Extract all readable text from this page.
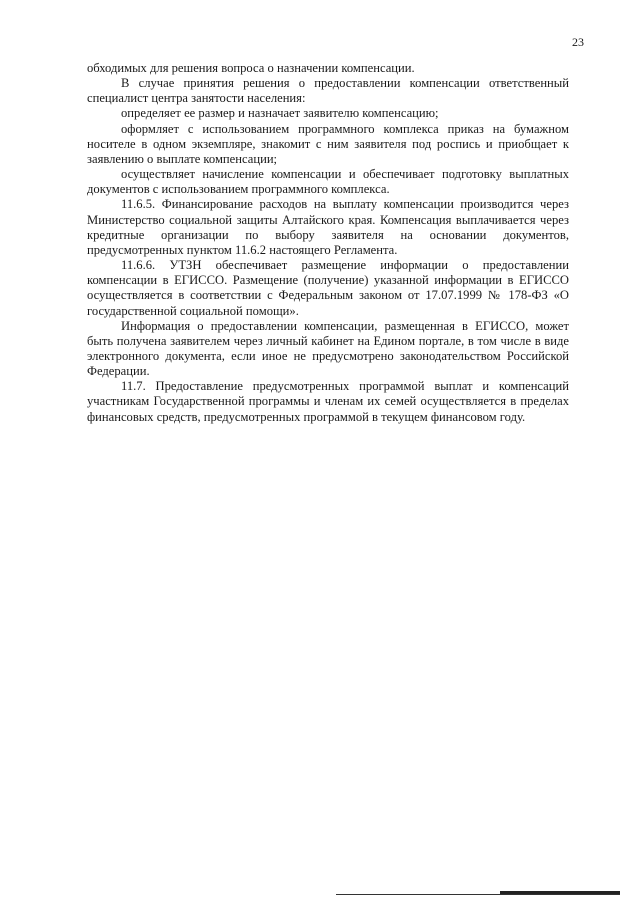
23

обходимых для решения вопроса о назначении компенсации.

В случае принятия решения о предоставлении компенсации ответственный специалист центра занятости населения:

определяет ее размер и назначает заявителю компенсацию;

оформляет с использованием программного комплекса приказ на бумажном носителе в одном экземпляре, знакомит с ним заявителя под роспись и приобщает к заявлению о выплате компенсации;

осуществляет начисление компенсации и обеспечивает подготовку выплатных документов с использованием программного комплекса.

11.6.5. Финансирование расходов на выплату компенсации производится через Министерство социальной защиты Алтайского края. Компенсация выплачивается через кредитные организации по выбору заявителя на основании документов, предусмотренных пунктом 11.6.2 настоящего Регламента.

11.6.6. УТЗН обеспечивает размещение информации о предоставлении компенсации в ЕГИССО. Размещение (получение) указанной информации в ЕГИССО осуществляется в соответствии с Федеральным законом от 17.07.1999 № 178-ФЗ «О государственной социальной помощи».

Информация о предоставлении компенсации, размещенная в ЕГИССО, может быть получена заявителем через личный кабинет на Едином портале, в том числе в виде электронного документа, если иное не предусмотрено законодательством Российской Федерации.

11.7. Предоставление предусмотренных программой выплат и компенсаций участникам Государственной программы и членам их семей осуществляется в пределах финансовых средств, предусмотренных программой в текущем финансовом году.
